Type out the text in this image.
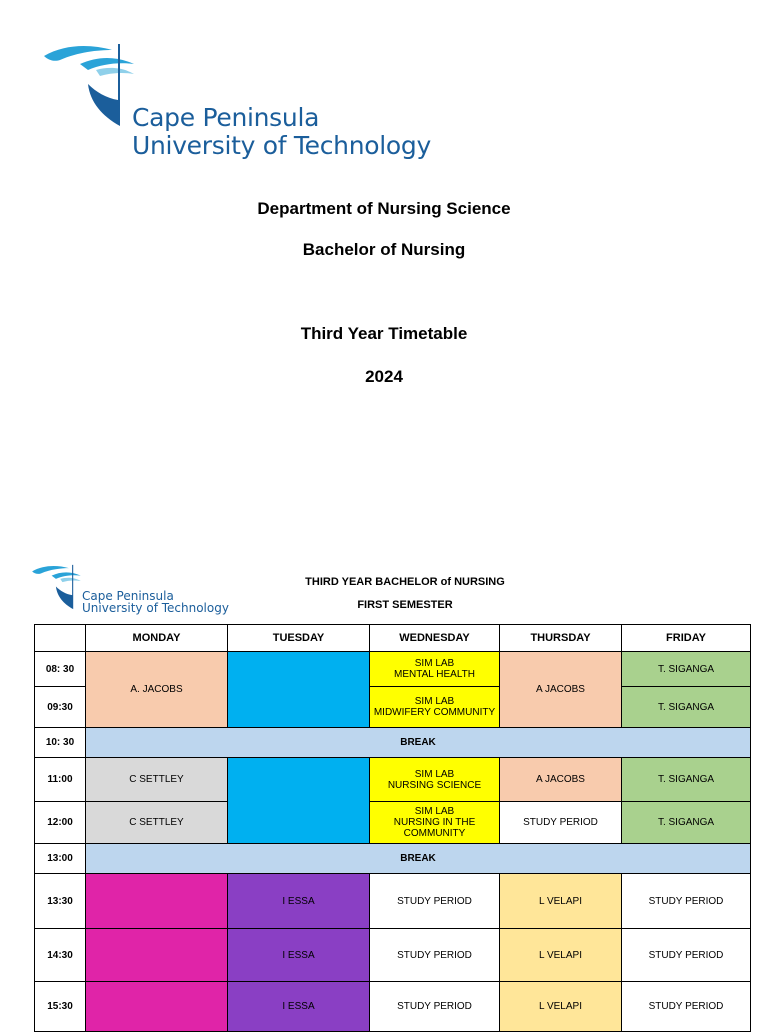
Cape Peninsula
University of Technology
Department of Nursing Science
Bachelor of Nursing
Third Year Timetable
2024
Cape Peninsula
University of Technology
THIRD YEAR BACHELOR of NURSING
FIRST SEMESTER
	MONDAY	TUESDAY	WEDNESDAY	THURSDAY	FRIDAY
08: 30	A. JACOBS		SIM LAB
MENTAL HEALTH	A JACOBS	T. SIGANGA
09:30			SIM LAB
MIDWIFERY COMMUNITY		T. SIGANGA
10: 30	BREAK				
11:00	C SETTLEY		SIM LAB
NURSING SCIENCE	A JACOBS	T. SIGANGA
12:00	C SETTLEY		SIM LAB
NURSING IN THE COMMUNITY	STUDY PERIOD	T. SIGANGA
13:00	BREAK				
13:30		I ESSA	STUDY PERIOD	L VELAPI	STUDY PERIOD
14:30		I ESSA	STUDY PERIOD	L VELAPI	STUDY PERIOD
15:30		I ESSA	STUDY PERIOD	L VELAPI	STUDY PERIOD
